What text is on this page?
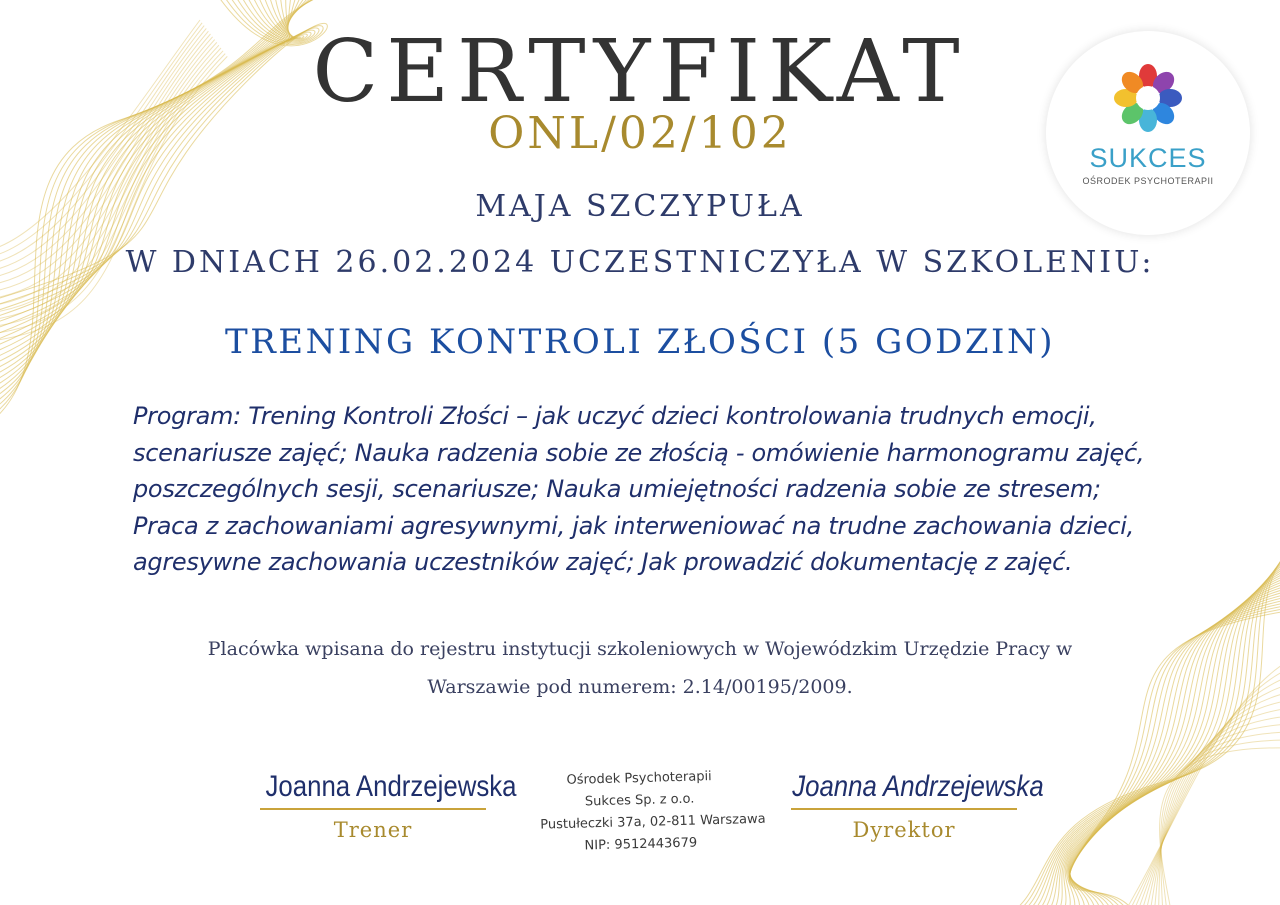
CERTYFIKAT
ONL/02/102
MAJA SZCZYPUŁA
W DNIACH 26.02.2024 UCZESTNICZYŁA W SZKOLENIU:
TRENING KONTROLI ZŁOŚCI (5 GODZIN)
Program: Trening Kontroli Złości – jak uczyć dzieci kontrolowania trudnych emocji,
scenariusze zajęć; Nauka radzenia sobie ze złością - omówienie harmonogramu zajęć,
poszczególnych sesji, scenariusze; Nauka umiejętności radzenia sobie ze stresem;
Praca z zachowaniami agresywnymi, jak interweniować na trudne zachowania dzieci,
agresywne zachowania uczestników zajęć; Jak prowadzić dokumentację z zajęć.
Placówka wpisana do rejestru instytucji szkoleniowych w Wojewódzkim Urzędzie Pracy w
Warszawie pod numerem: 2.14/00195/2009.
Joanna Andrzejewska
Trener
Ośrodek Psychoterapii
Sukces Sp. z o.o.
Pustułeczki 37a, 02-811 Warszawa
NIP: 9512443679
Joanna Andrzejewska
Dyrektor
SUKCES
OŚRODEK PSYCHOTERAPII
